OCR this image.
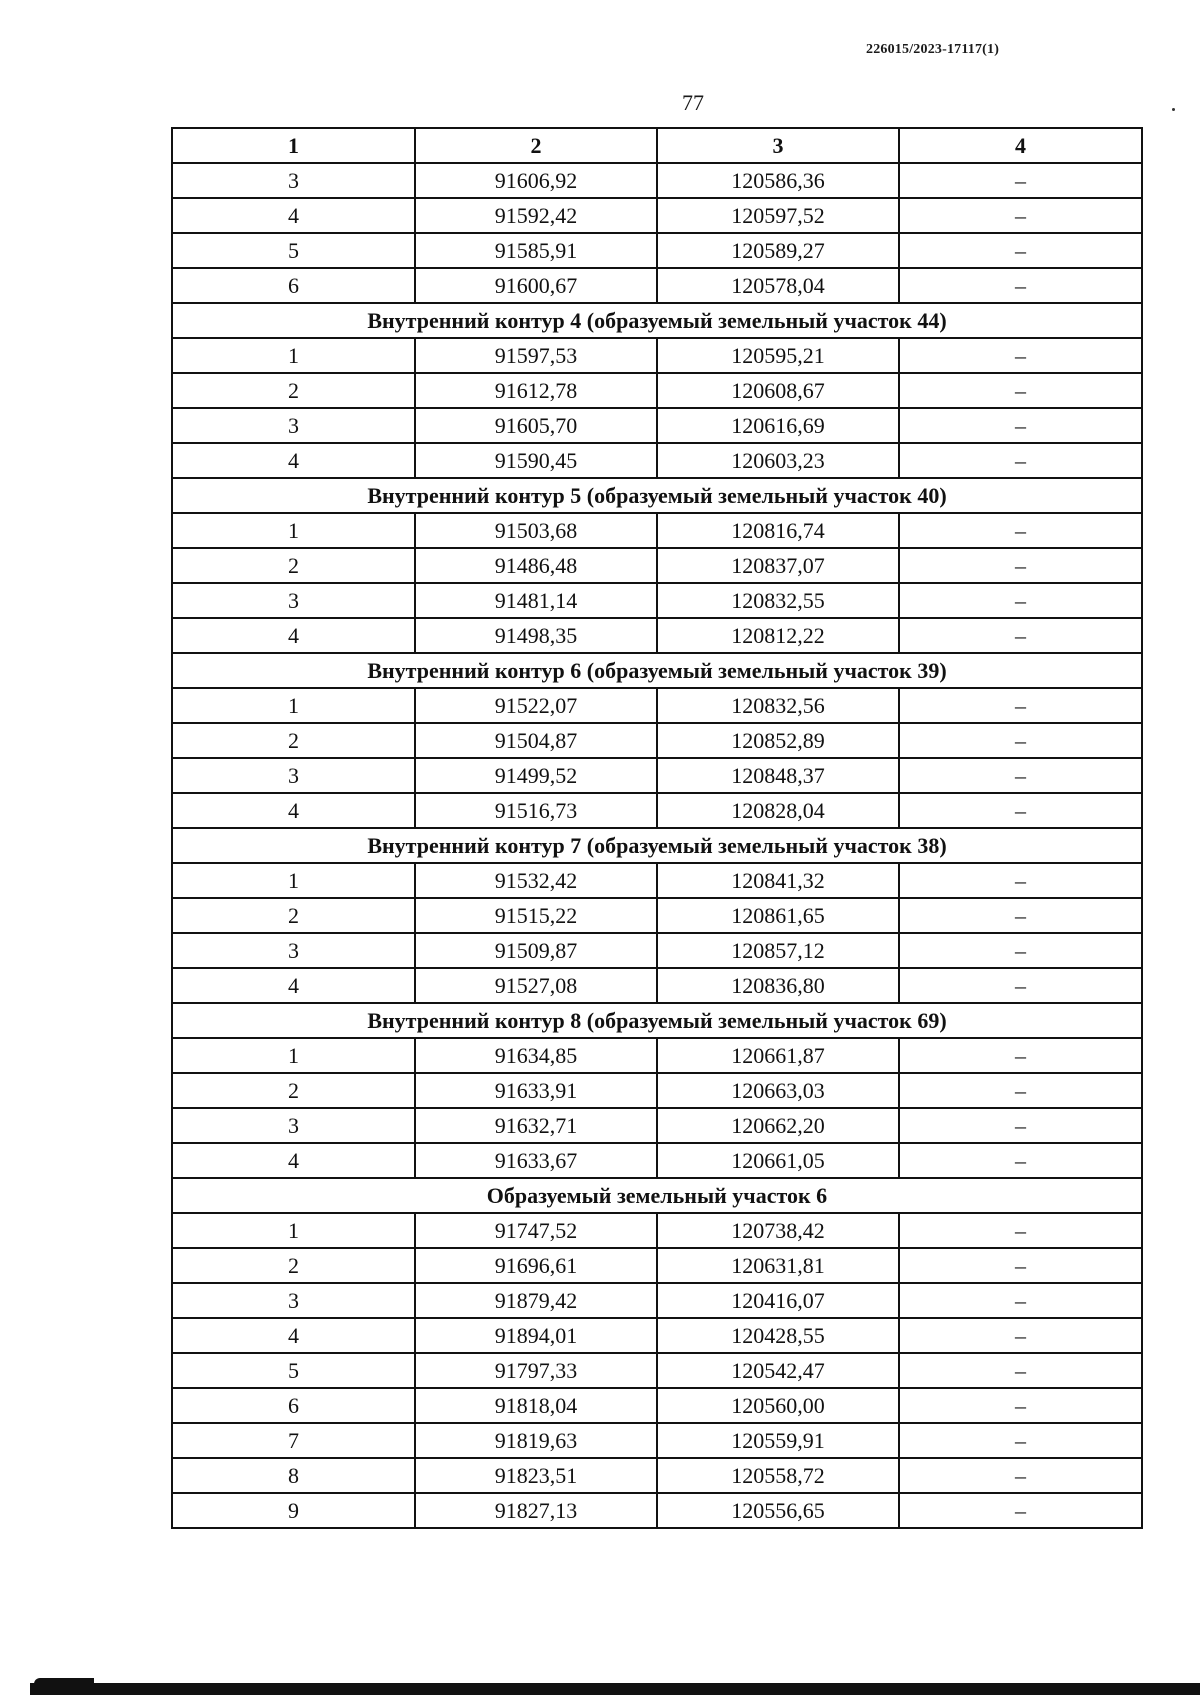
226015/2023-17117(1)
77
1	2	3	4
3	91606,92	120586,36	–
4	91592,42	120597,52	–
5	91585,91	120589,27	–
6	91600,67	120578,04	–
Внутренний контур 4 (образуемый земельный участок 44)			
1	91597,53	120595,21	–
2	91612,78	120608,67	–
3	91605,70	120616,69	–
4	91590,45	120603,23	–
Внутренний контур 5 (образуемый земельный участок 40)			
1	91503,68	120816,74	–
2	91486,48	120837,07	–
3	91481,14	120832,55	–
4	91498,35	120812,22	–
Внутренний контур 6 (образуемый земельный участок 39)			
1	91522,07	120832,56	–
2	91504,87	120852,89	–
3	91499,52	120848,37	–
4	91516,73	120828,04	–
Внутренний контур 7 (образуемый земельный участок 38)			
1	91532,42	120841,32	–
2	91515,22	120861,65	–
3	91509,87	120857,12	–
4	91527,08	120836,80	–
Внутренний контур 8 (образуемый земельный участок 69)			
1	91634,85	120661,87	–
2	91633,91	120663,03	–
3	91632,71	120662,20	–
4	91633,67	120661,05	–
Образуемый земельный участок 6			
1	91747,52	120738,42	–
2	91696,61	120631,81	–
3	91879,42	120416,07	–
4	91894,01	120428,55	–
5	91797,33	120542,47	–
6	91818,04	120560,00	–
7	91819,63	120559,91	–
8	91823,51	120558,72	–
9	91827,13	120556,65	–
